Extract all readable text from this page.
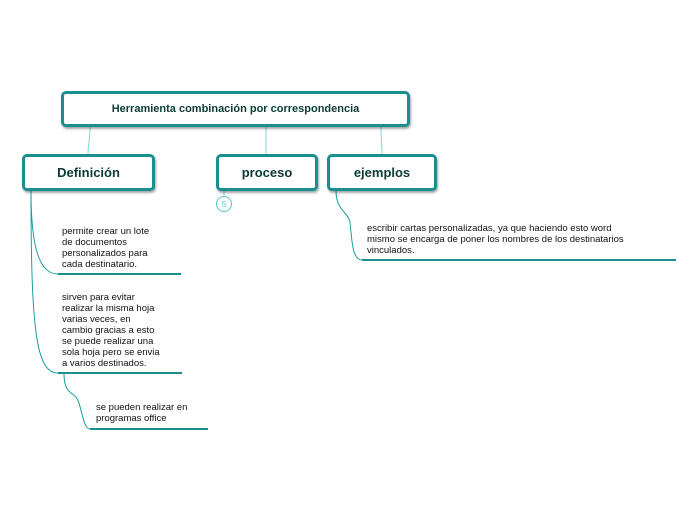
Herramienta combinación por correspondencia
Definición	proceso	ejemplos
5
permite crear un lote
de documentos
personalizados para
cada destinatario.
sirven para evitar
realizar la misma hoja
varias veces, en
cambio gracias a esto
se puede realizar una
sola hoja pero se envia
a varios destinados.
se pueden realizar en
programas office
escribir cartas personalizadas, ya que haciendo esto word
mismo se encarga de poner los nombres de los destinatarios
vinculados.
